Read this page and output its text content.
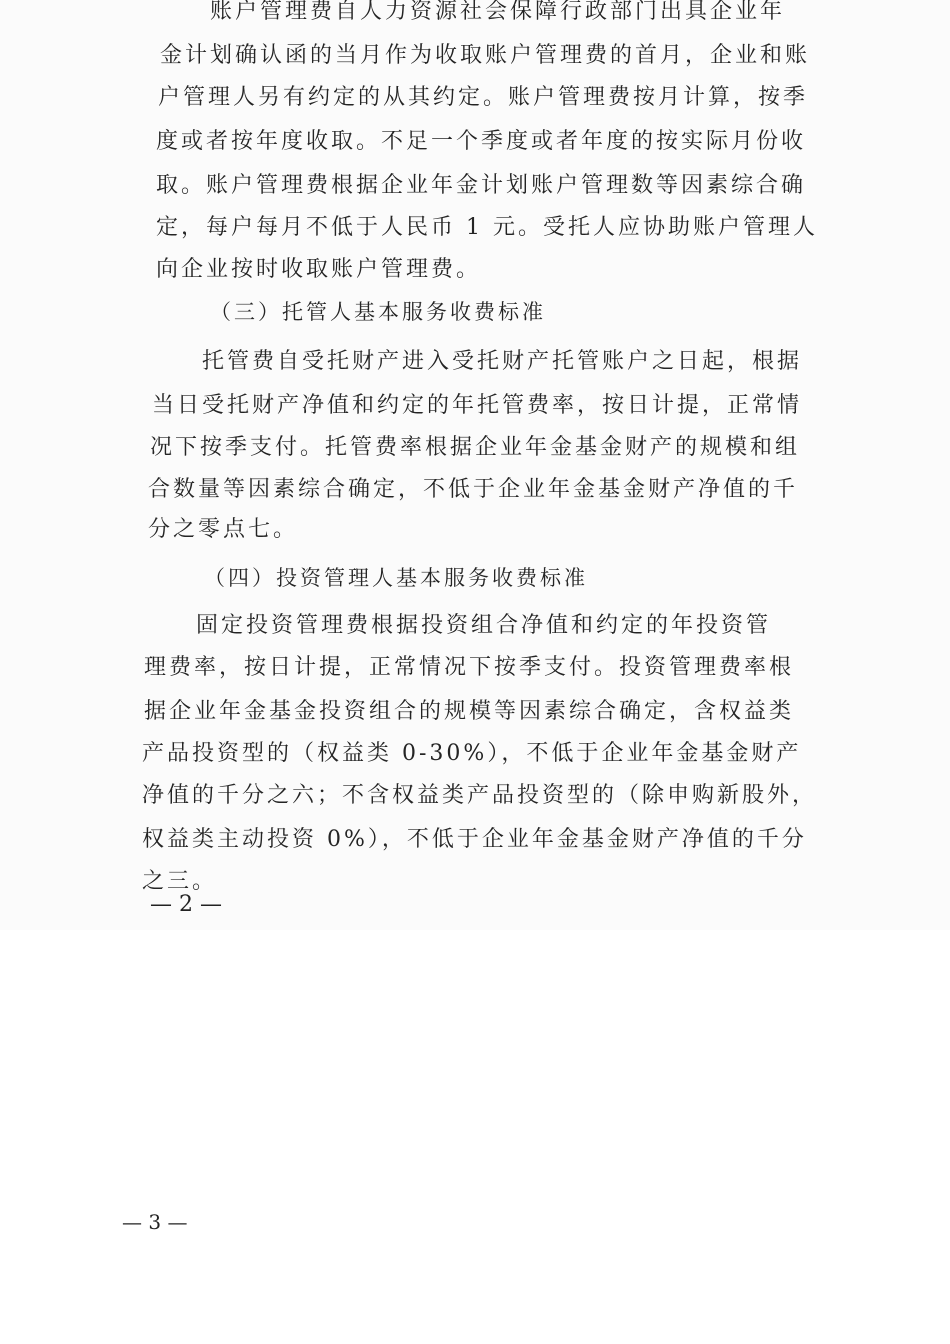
账户管理费自人力资源社会保障行政部门出具企业年
金计划确认函的当月作为收取账户管理费的首月，企业和账
户管理人另有约定的从其约定。账户管理费按月计算，按季
度或者按年度收取。不足一个季度或者年度的按实际月份收
取。账户管理费根据企业年金计划账户管理数等因素综合确
定，每户每月不低于人民币 1 元。受托人应协助账户管理人
向企业按时收取账户管理费。
（三）托管人基本服务收费标准
托管费自受托财产进入受托财产托管账户之日起，根据
当日受托财产净值和约定的年托管费率，按日计提，正常情
况下按季支付。托管费率根据企业年金基金财产的规模和组
合数量等因素综合确定，不低于企业年金基金财产净值的千
分之零点七。
（四）投资管理人基本服务收费标准
固定投资管理费根据投资组合净值和约定的年投资管
理费率，按日计提，正常情况下按季支付。投资管理费率根
据企业年金基金投资组合的规模等因素综合确定，含权益类
产品投资型的（权益类 0-30%），不低于企业年金基金财产
净值的千分之六；不含权益类产品投资型的（除申购新股外，
权益类主动投资 0%），不低于企业年金基金财产净值的千分
之三。
— 2 —
— 3 —
